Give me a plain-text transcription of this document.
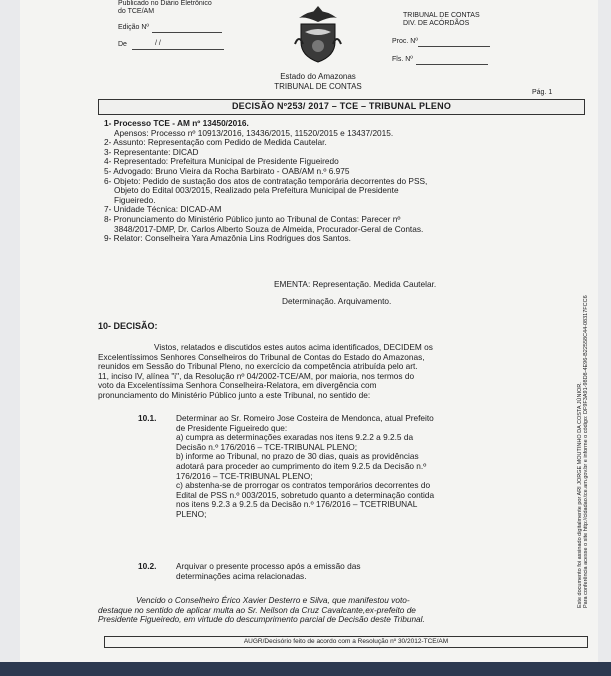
Publicado no Diário Eletrônico
do TCE/AM
Edição Nº
De	/ /
Estado do Amazonas
TRIBUNAL DE CONTAS
TRIBUNAL DE CONTAS
DIV. DE ACÓRDÃOS
Proc. Nº
Fls. Nº
Pág. 1
DECISÃO Nº253/ 2017 – TCE – TRIBUNAL PLENO
1- Processo TCE - AM nº 13450/2016.
Apensos: Processo nº 10913/2016, 13436/2015, 11520/2015 e 13437/2015.
2- Assunto: Representação com Pedido de Medida Cautelar.
3- Representante: DICAD
4- Representado: Prefeitura Municipal de Presidente Figueiredo
5- Advogado: Bruno Vieira da Rocha Barbirato - OAB/AM n.º 6.975
6- Objeto: Pedido de sustação dos atos de contratação temporária decorrentes do PSS,
Objeto do Edital 003/2015, Realizado pela Prefeitura Municipal de Presidente
Figueiredo.
7- Unidade Técnica: DICAD-AM
8- Pronunciamento do Ministério Público junto ao Tribunal de Contas: Parecer nº
3848/2017-DMP, Dr. Carlos Alberto Souza de Almeida, Procurador-Geral de Contas.
9- Relator: Conselheira Yara Amazônia Lins Rodrigues dos Santos.
EMENTA: Representação. Medida Cautelar.
Determinação. Arquivamento.
10- DECISÃO:
Vistos, relatados e discutidos estes autos acima identificados, DECIDEM os
Excelentíssimos Senhores Conselheiros do Tribunal de Contas do Estado do Amazonas,
reunidos em Sessão do Tribunal Pleno, no exercício da competência atribuída pelo art.
11, inciso IV, alínea "i", da Resolução nº 04/2002-TCE/AM, por maioria, nos termos do
voto da Excelentíssima Senhora Conselheira-Relatora, em divergência com
pronunciamento do Ministério Público junto a este Tribunal, no sentido de:
10.1. Determinar ao Sr. Romeiro Jose Costeira de Mendonca, atual Prefeito
de Presidente Figueiredo que:
a) cumpra as determinações exaradas nos itens 9.2.2 a 9.2.5 da
Decisão n.º 176/2016 – TCE-TRIBUNAL PLENO;
b) informe ao Tribunal, no prazo de 30 dias, quais as providências
adotará para proceder ao cumprimento do item 9.2.5 da Decisão n.º
176/2016 – TCE-TRIBUNAL PLENO;
c) abstenha-se de prorrogar os contratos temporários decorrentes do
Edital de PSS n.º 003/2015, sobretudo quanto a determinação contida
nos itens 9.2.3 a 9.2.5 da Decisão n.º 176/2016 – TCETRIBUNAL
PLENO;
10.2. Arquivar o presente processo após a emissão das
determinações acima relacionadas.
Vencido o Conselheiro Érico Xavier Desterro e Silva, que manifestou voto-
destaque no sentido de aplicar multa ao Sr. Neilson da Cruz Cavalcante,ex-prefeito de
Presidente Figueiredo, em virtude do descumprimento parcial de Decisão deste Tribunal.
AUGR/Decisório feito de acordo com a Resolução nº 30/2012-TCE/AM
Este documento foi assinado digitalmente por ARI JORGE MOUTINHO DA COSTA JÚNIOR. Para conferência acesse o site http://cidadao.tce.am.gov.br e informe o código: DF9F3A91-98D8-4E96-B22558C44-08317FCC6
